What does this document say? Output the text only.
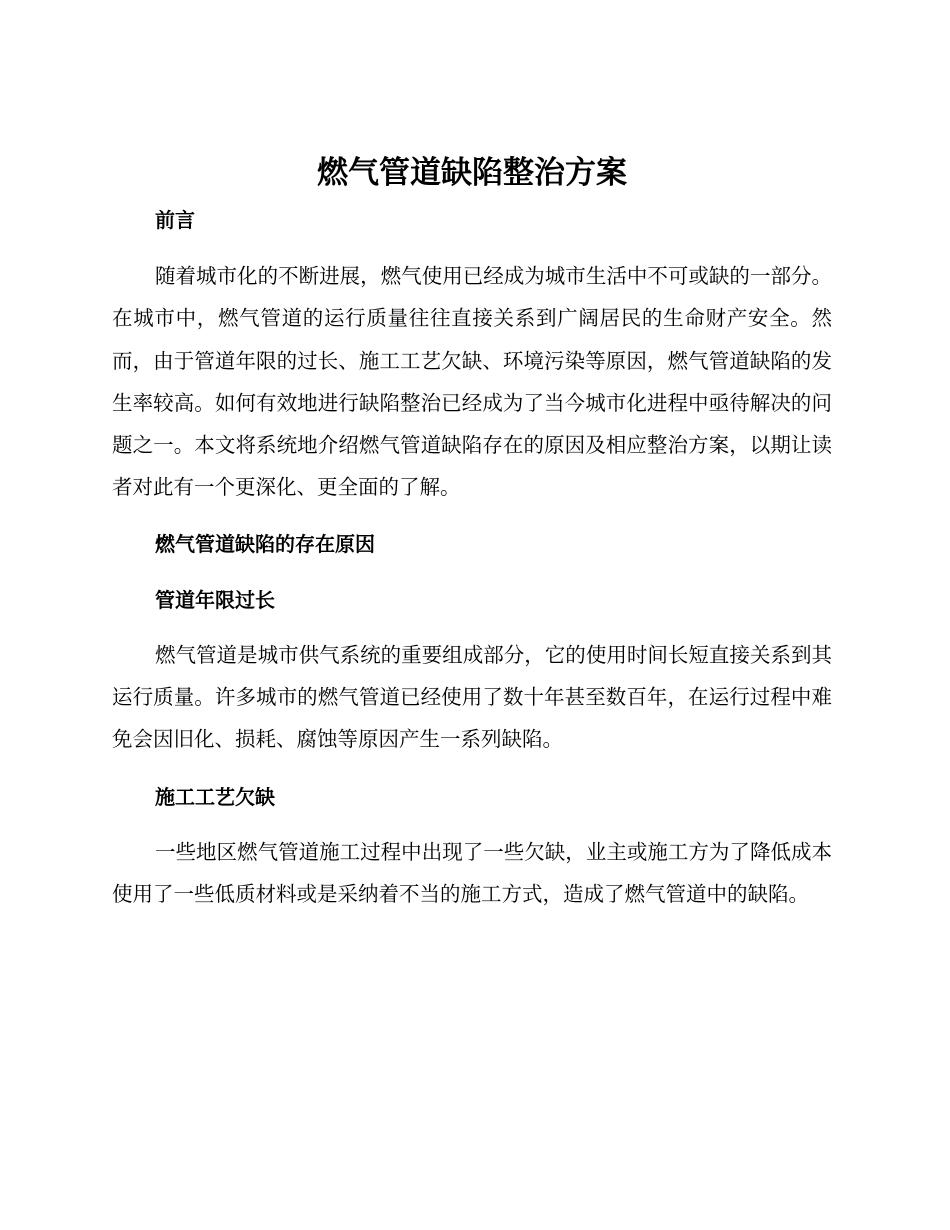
燃气管道缺陷整治方案
前言

随着城市化的不断进展，燃气使用已经成为城市生活中不可或缺的一部分。在城市中，燃气管道的运行质量往往直接关系到广阔居民的生命财产安全。然而，由于管道年限的过长、施工工艺欠缺、环境污染等原因，燃气管道缺陷的发生率较高。如何有效地进行缺陷整治已经成为了当今城市化进程中亟待解决的问题之一。本文将系统地介绍燃气管道缺陷存在的原因及相应整治方案，以期让读者对此有一个更深化、更全面的了解。

燃气管道缺陷的存在原因
管道年限过长

燃气管道是城市供气系统的重要组成部分，它的使用时间长短直接关系到其运行质量。许多城市的燃气管道已经使用了数十年甚至数百年，在运行过程中难免会因旧化、损耗、腐蚀等原因产生一系列缺陷。

施工工艺欠缺

一些地区燃气管道施工过程中出现了一些欠缺，业主或施工方为了降低成本使用了一些低质材料或是采纳着不当的施工方式，造成了燃气管道中的缺陷。
